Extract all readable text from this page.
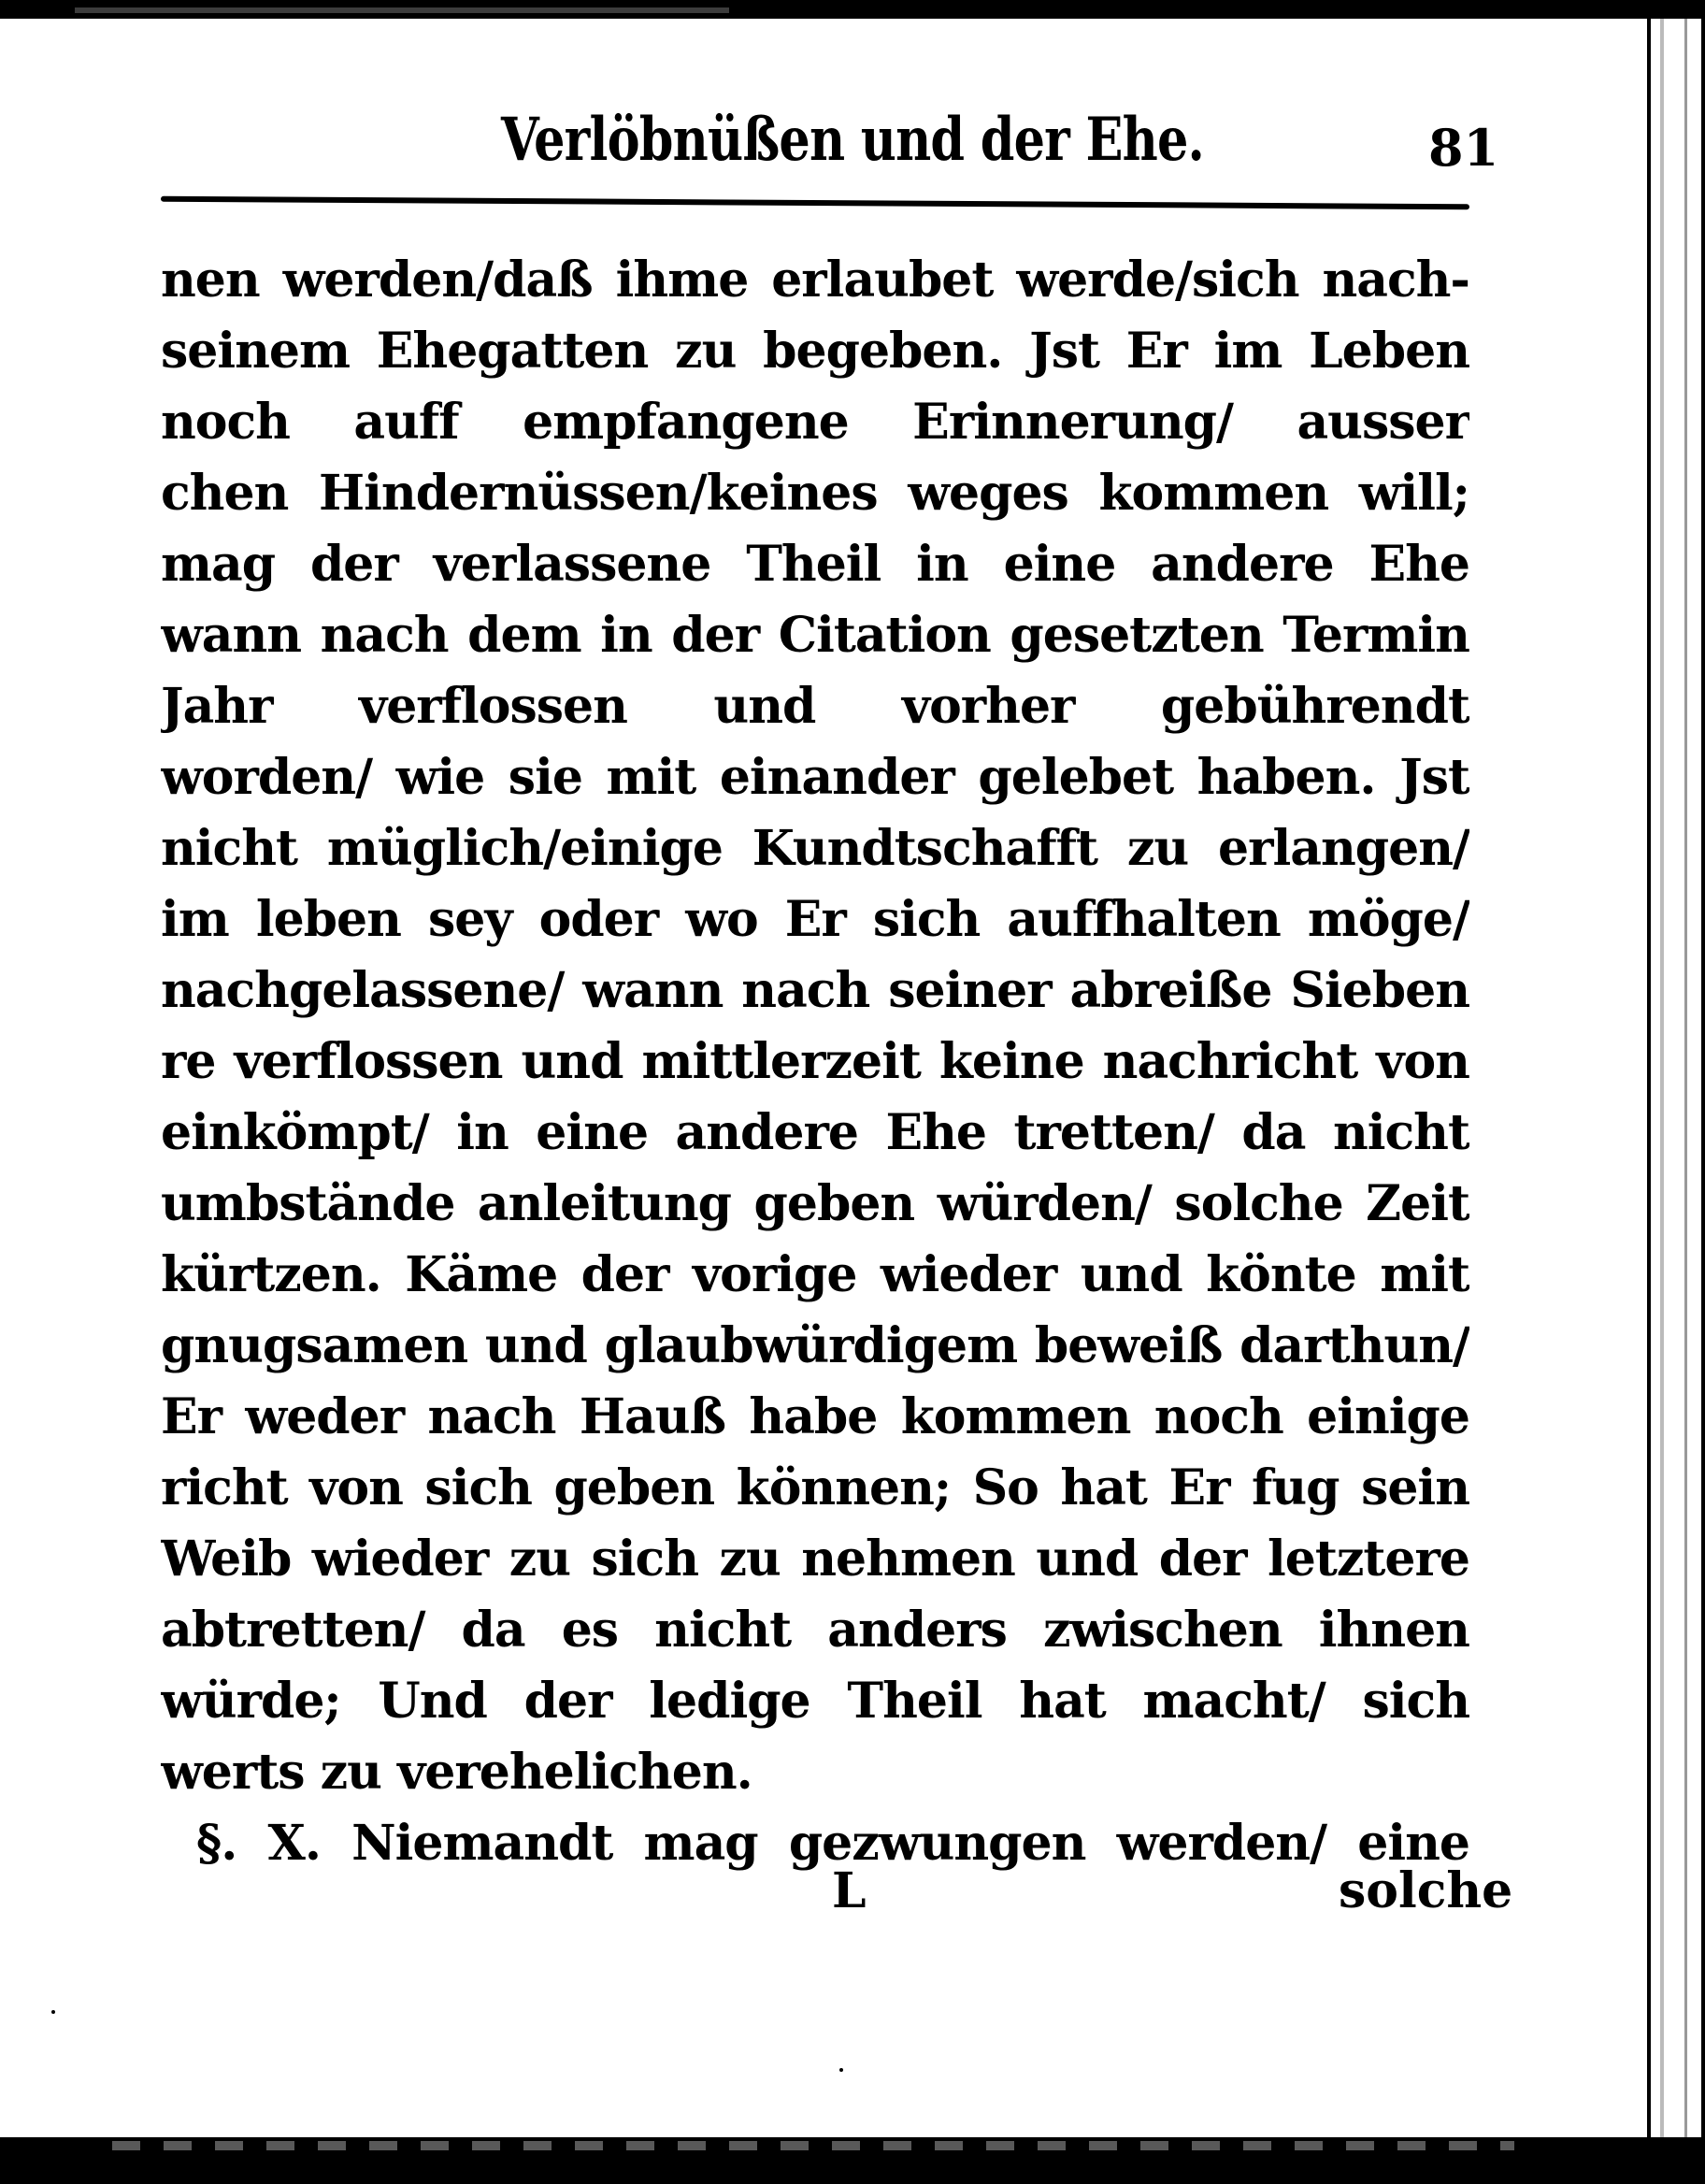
Verlöbnüßen und der Ehe.	81
nen werden/daß ihme erlaubet werde/sich nach-
seinem Ehegatten zu begeben. Jst Er im Leben
noch auff empfangene Erinnerung/ ausser
chen Hindernüssen/keines weges kommen will;
mag der verlassene Theil in eine andere Ehe
wann nach dem in der Citation gesetzten Termin
Jahr verflossen und vorher gebührendt
worden/ wie sie mit einander gelebet haben. Jst
nicht müglich/einige Kundtschafft zu erlangen/
im leben sey oder wo Er sich auffhalten möge/
nachgelassene/ wann nach seiner abreiße Sieben
re verflossen und mittlerzeit keine nachricht von
einkömpt/ in eine andere Ehe tretten/ da nicht
umbstände anleitung geben würden/ solche Zeit
kürtzen. Käme der vorige wieder und könte mit
gnugsamen und glaubwürdigem beweiß darthun/
Er weder nach Hauß habe kommen noch einige
richt von sich geben können; So hat Er fug sein
Weib wieder zu sich zu nehmen und der letztere
abtretten/ da es nicht anders zwischen ihnen
würde; Und der ledige Theil hat macht/ sich
werts zu verehelichen.
§. X. Niemandt mag gezwungen werden/ eine
L	solche
